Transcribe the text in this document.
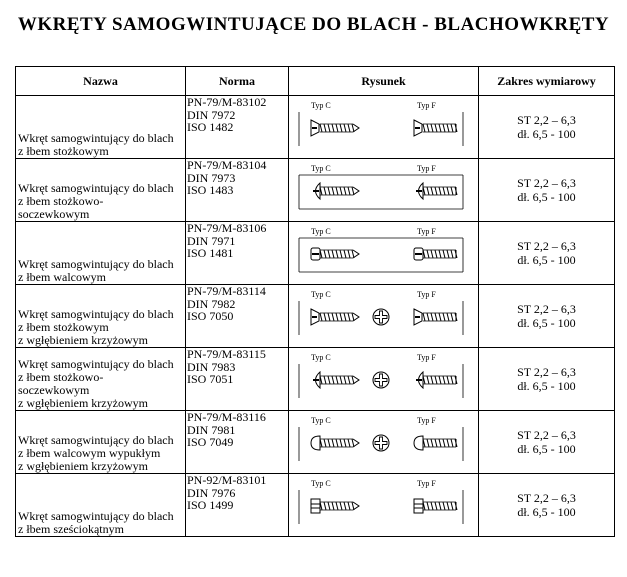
WKRĘTY SAMOGWINTUJĄCE DO BLACH - BLACHOWKRĘTY
Nazwa	Norma	Rysunek	Zakres wymiarowy

Wkręt samogwintujący do blach
z łbem stożkowym	PN-79/M-83102
DIN 7972
ISO 1482	Typ C Typ F	ST 2,2 – 6,3
dł. 6,5 - 100

Wkręt samogwintujący do blach
z łbem stożkowo-
soczewkowym	PN-79/M-83104
DIN 7973
ISO 1483	Typ C Typ F	ST 2,2 – 6,3
dł. 6,5 - 100

Wkręt samogwintujący do blach
z łbem walcowym	PN-79/M-83106
DIN 7971
ISO 1481	Typ C Typ F	ST 2,2 – 6,3
dł. 6,5 - 100

Wkręt samogwintujący do blach
z łbem stożkowym
z wgłębieniem krzyżowym	PN-79/M-83114
DIN 7982
ISO 7050	Typ C Typ F	ST 2,2 – 6,3
dł. 6,5 - 100

Wkręt samogwintujący do blach
z łbem stożkowo-
soczewkowym
z wgłębieniem krzyżowym	PN-79/M-83115
DIN 7983
ISO 7051	Typ C Typ F	ST 2,2 – 6,3
dł. 6,5 - 100

Wkręt samogwintujący do blach
z łbem walcowym wypukłym
z wgłębieniem krzyżowym	PN-79/M-83116
DIN 7981
ISO 7049	Typ C Typ F	ST 2,2 – 6,3
dł. 6,5 - 100

Wkręt samogwintujący do blach
z łbem sześciokątnym	PN-92/M-83101
DIN 7976
ISO 1499	Typ C Typ F	ST 2,2 – 6,3
dł. 6,5 - 100
